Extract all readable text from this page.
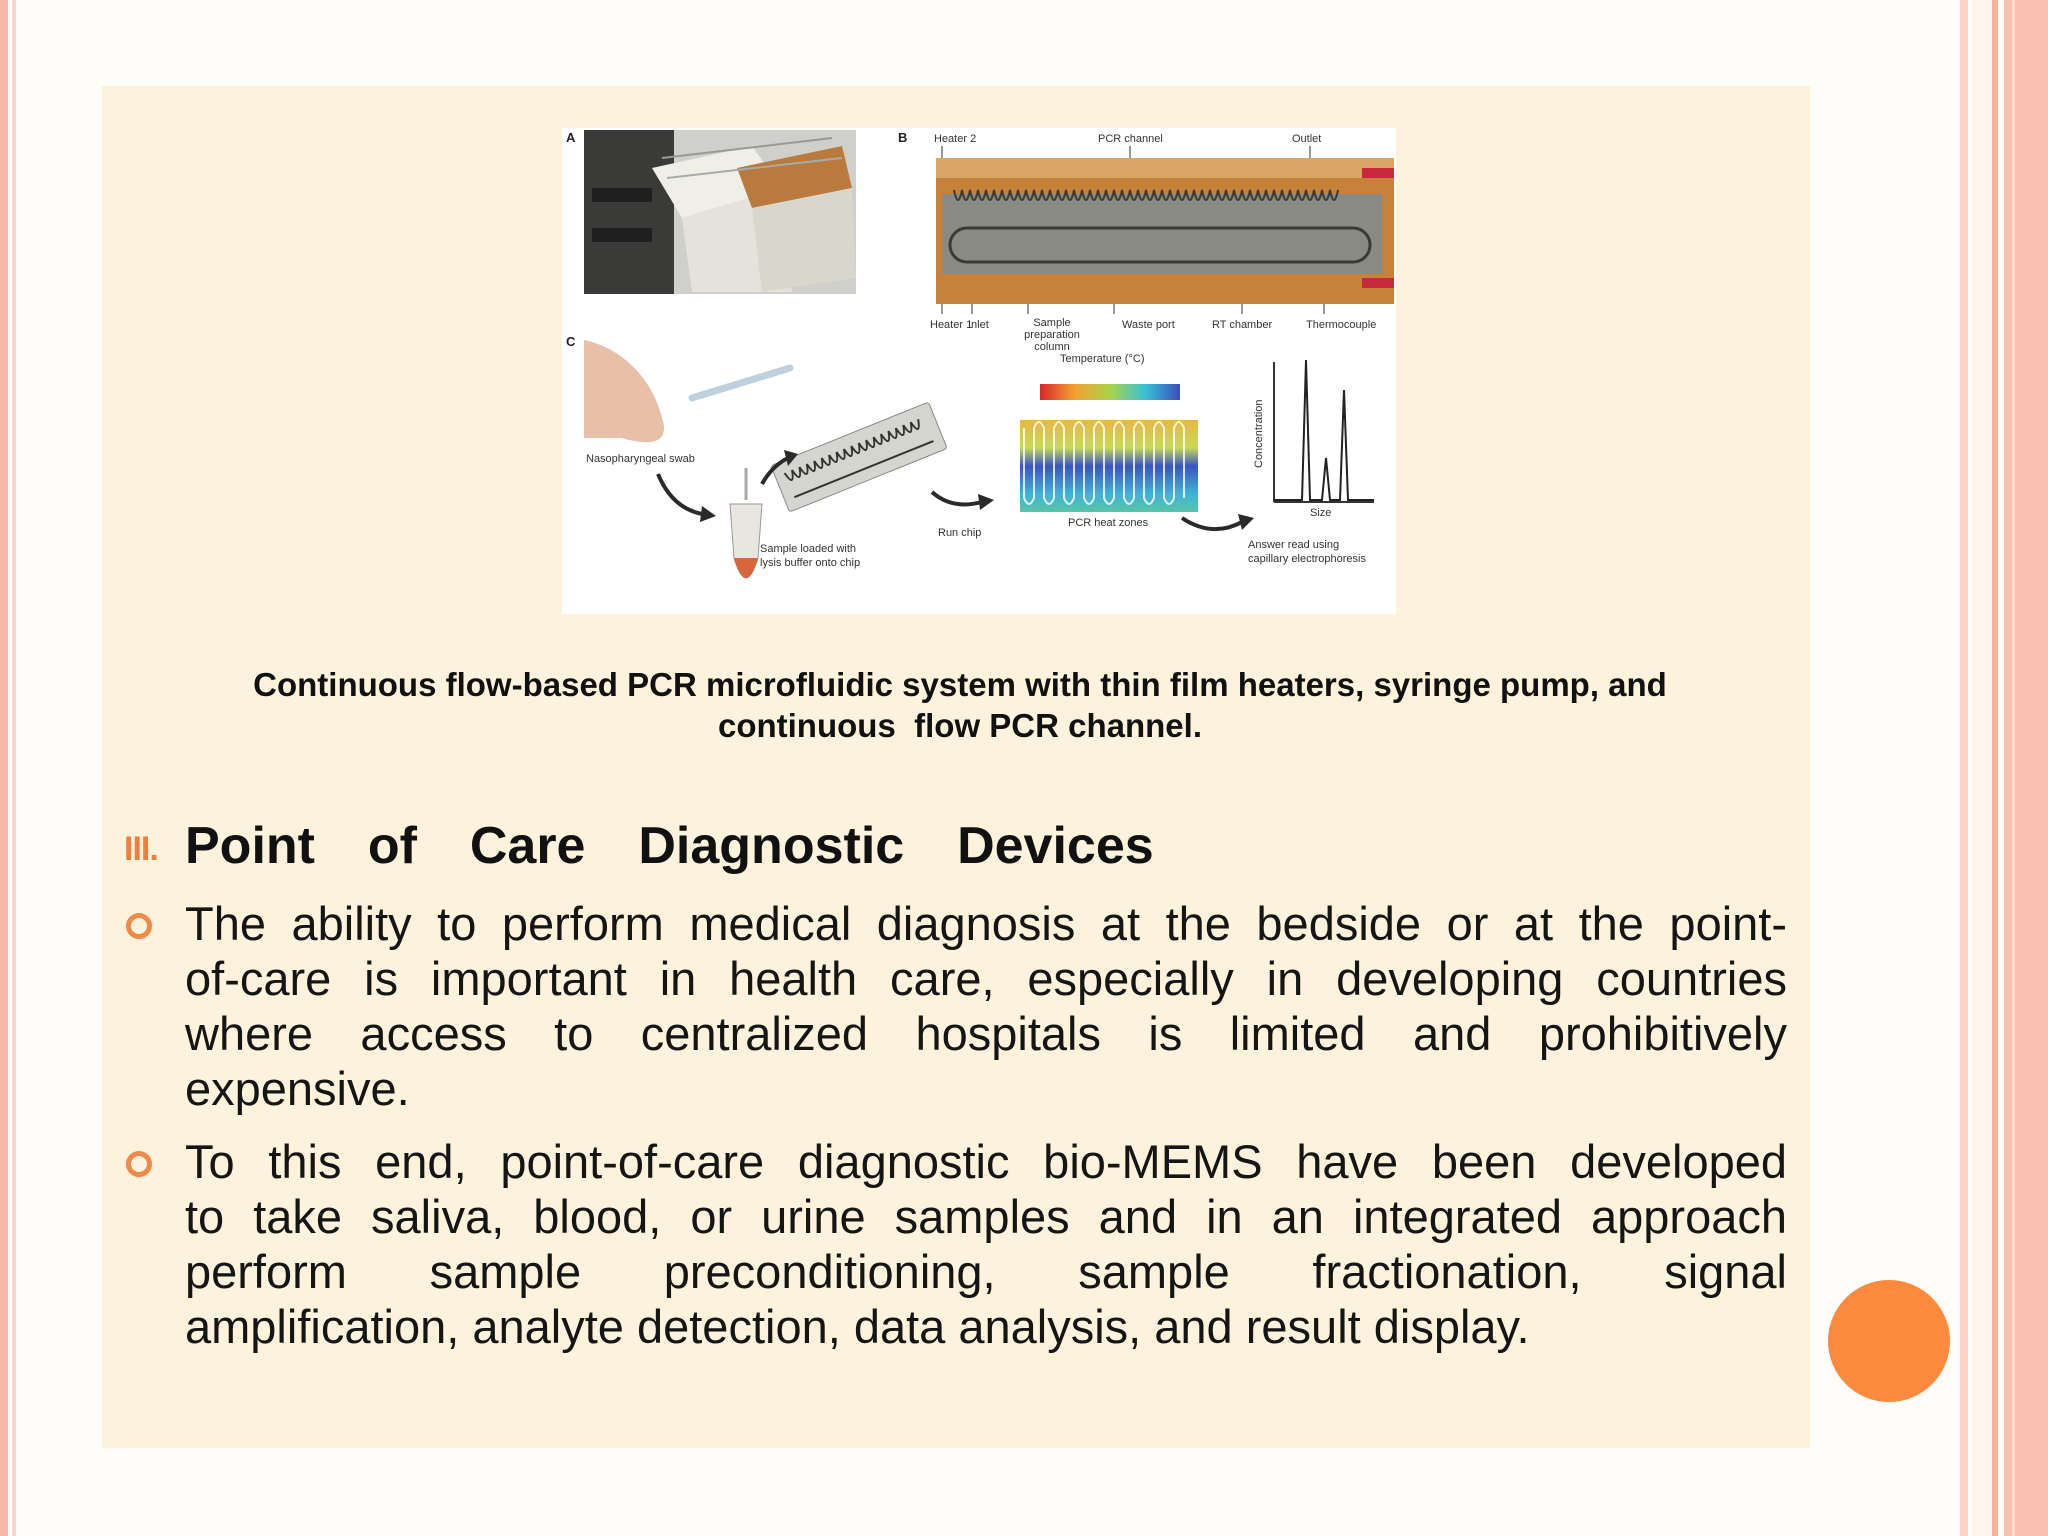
A	B
C
Heater 2	PCR channel	Outlet
Heater 1
Inlet	Sample
preparation
column
Waste port	RT chamber	Thermocouple
Nasopharyngeal swab
Sample loaded with
lysis buffer onto chip
Run chip
Temperature (°C)
PCR heat zones
Concentration
Size
Answer read using
capillary electrophoresis
Continuous flow-based PCR microfluidic system with thin film heaters, syringe pump, and
continuous  flow PCR channel.
III. Point  of  Care  Diagnostic  Devices
The ability to perform medical diagnosis at the bedside or at the point-
of-care is important in health care, especially in developing countries
where access to centralized hospitals is limited and prohibitively
expensive.
To this end, point-of-care diagnostic bio-MEMS have been developed
to take saliva, blood, or urine samples and in an integrated approach
perform sample preconditioning, sample fractionation, signal
amplification, analyte detection, data analysis, and result display.
